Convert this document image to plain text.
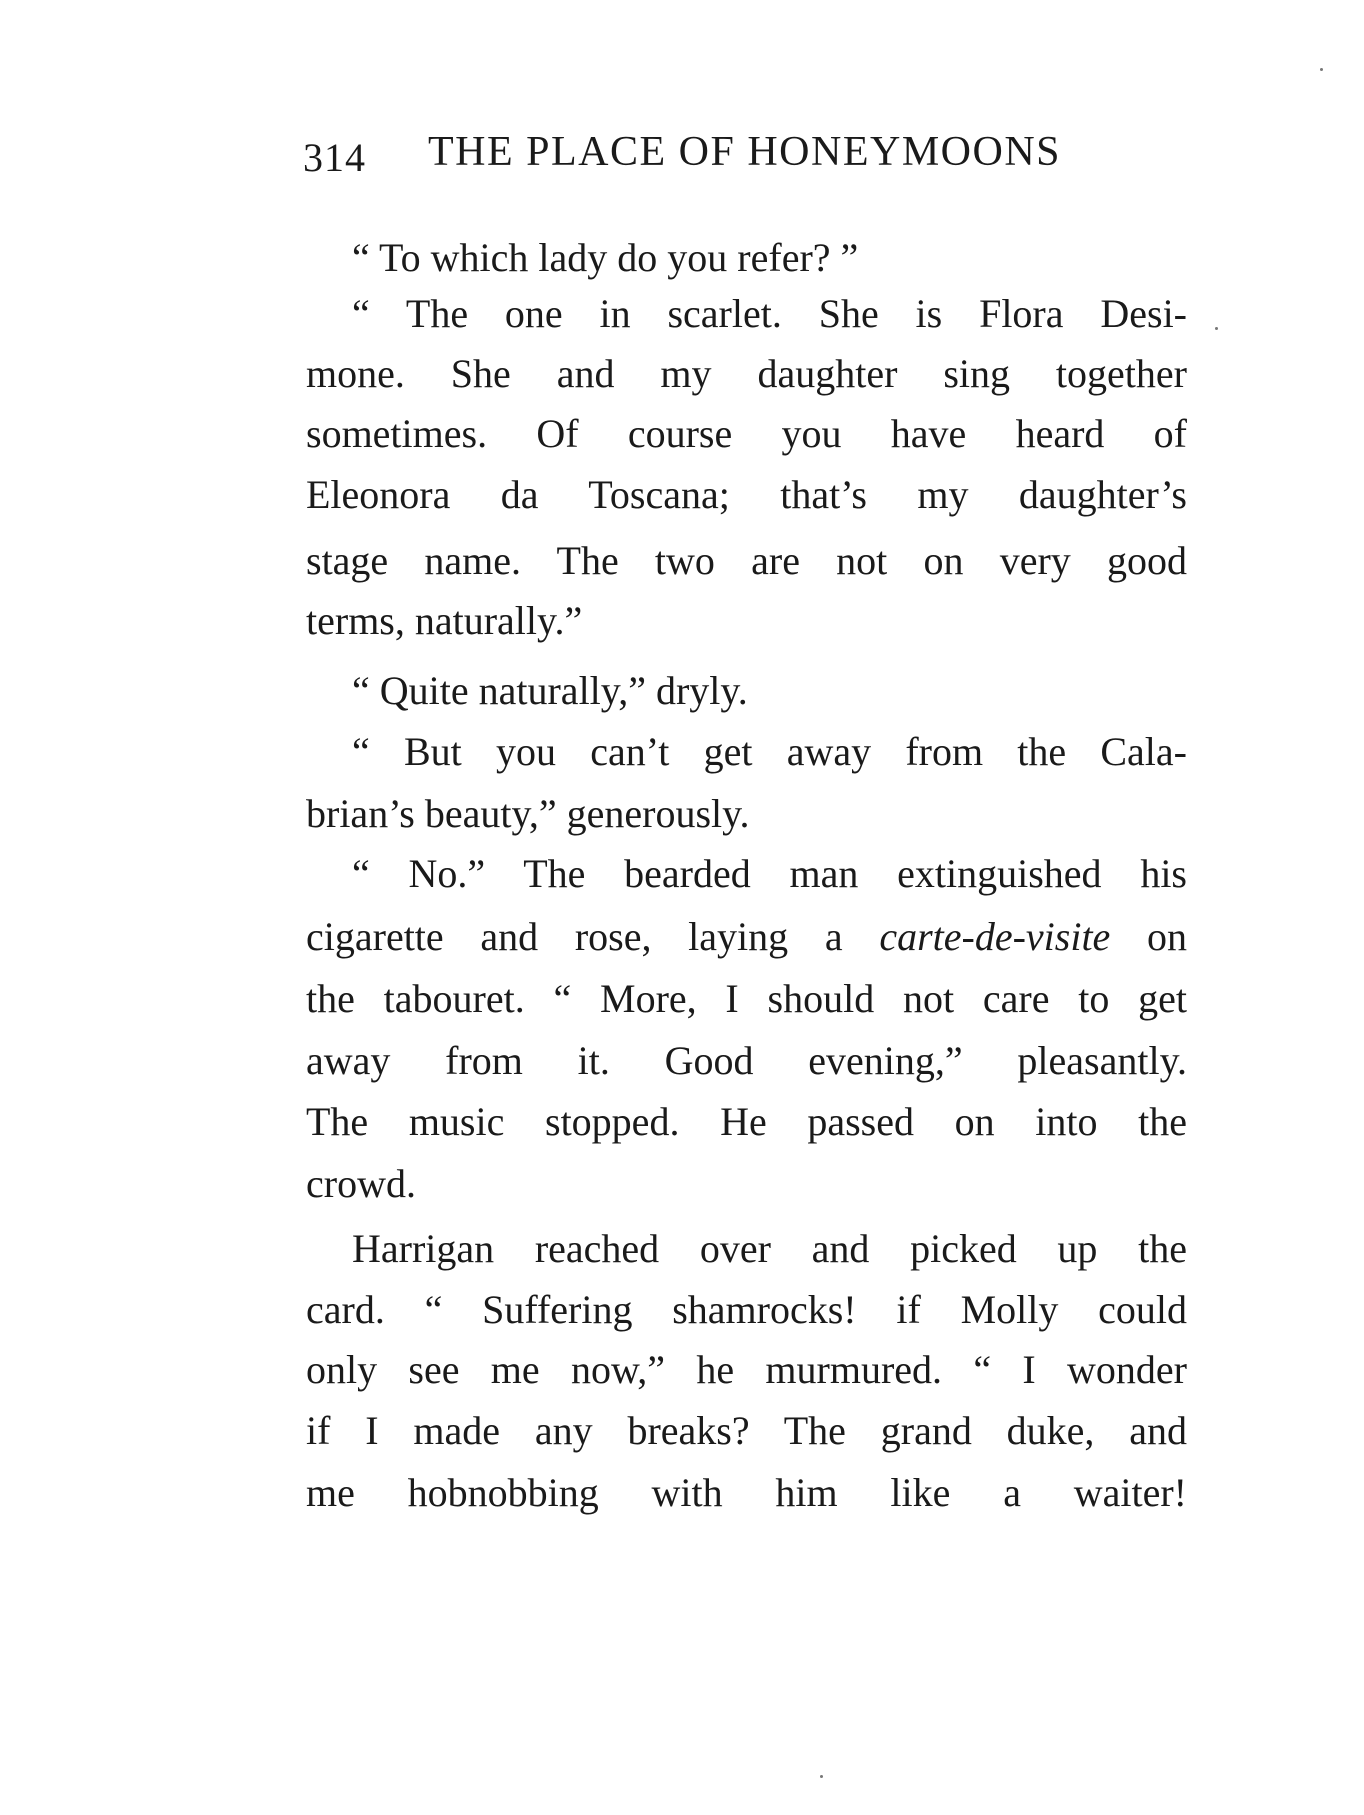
314 THE PLACE OF HONEYMOONS
“ To which lady do you refer? ”
“ The one in scarlet. She is Flora Desi-
mone. She and my daughter sing together
sometimes. Of course you have heard of
Eleonora da Toscana; that’s my daughter’s
stage name. The two are not on very good
terms, naturally.”
“ Quite naturally,” dryly.
“ But you can’t get away from the Cala-
brian’s beauty,” generously.
“ No.” The bearded man extinguished his
cigarette and rose, laying a carte-de-visite on
the tabouret. “ More, I should not care to get
away from it. Good evening,” pleasantly.
The music stopped. He passed on into the
crowd.
Harrigan reached over and picked up the
card. “ Suffering shamrocks! if Molly could
only see me now,” he murmured. “ I wonder
if I made any breaks? The grand duke, and
me hobnobbing with him like a waiter!
